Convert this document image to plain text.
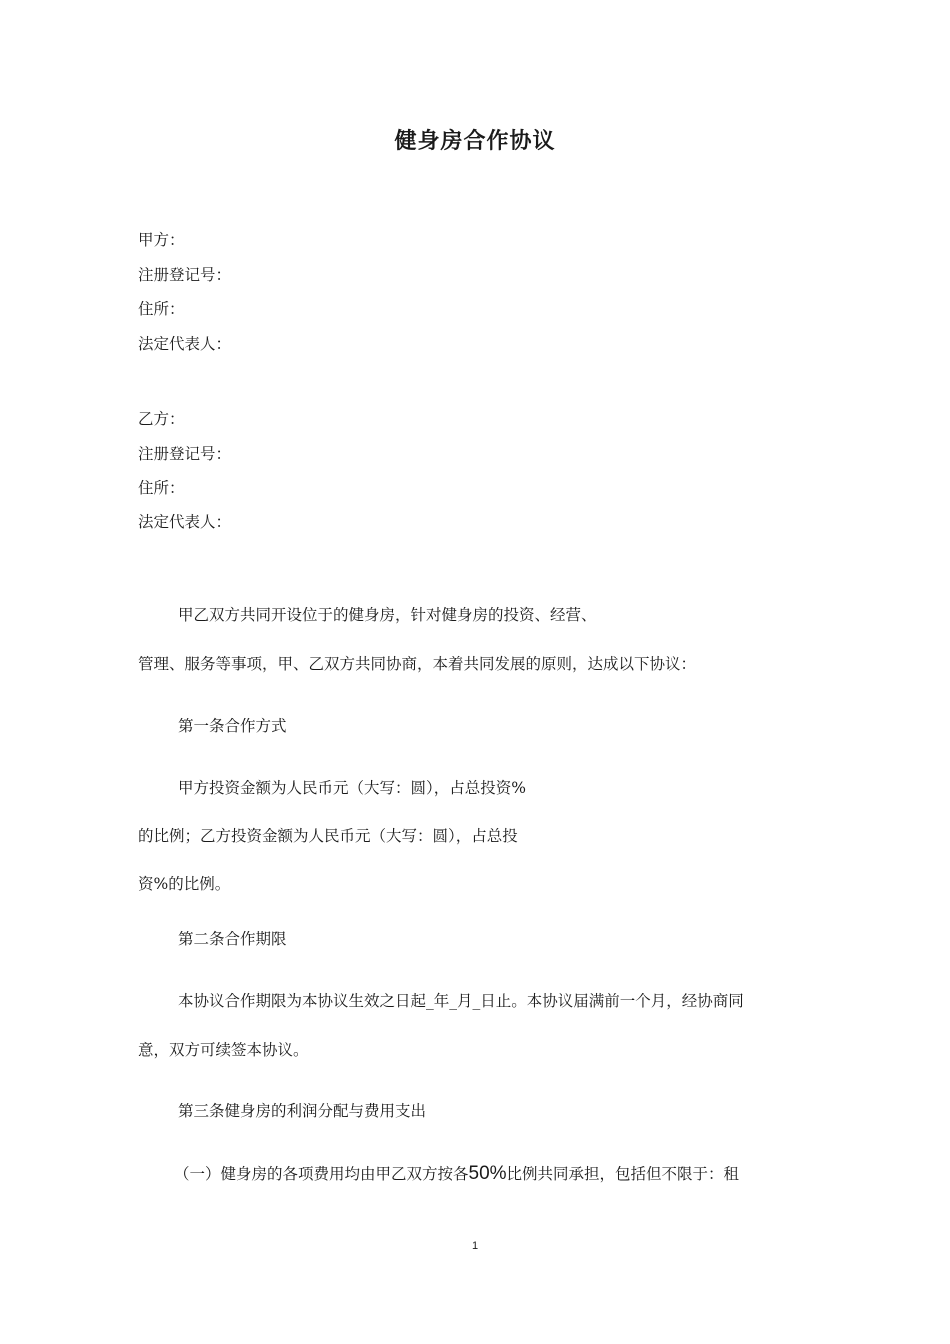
健身房合作协议
甲方：
注册登记号：
住所：
法定代表人：
乙方：
注册登记号：
住所：
法定代表人：
甲乙双方共同开设位于的健身房，针对健身房的投资、经营、
管理、服务等事项，甲、乙双方共同协商，本着共同发展的原则，达成以下协议：
第一条合作方式
甲方投资金额为人民币元（大写：圆），占总投资%
的比例；乙方投资金额为人民币元（大写：圆），占总投
资%的比例。
第二条合作期限
本协议合作期限为本协议生效之日起_年_月_日止。本协议届满前一个月，经协商同
意，双方可续签本协议。
第三条健身房的利润分配与费用支出
（一）健身房的各项费用均由甲乙双方按各50%比例共同承担，包括但不限于：租
1
